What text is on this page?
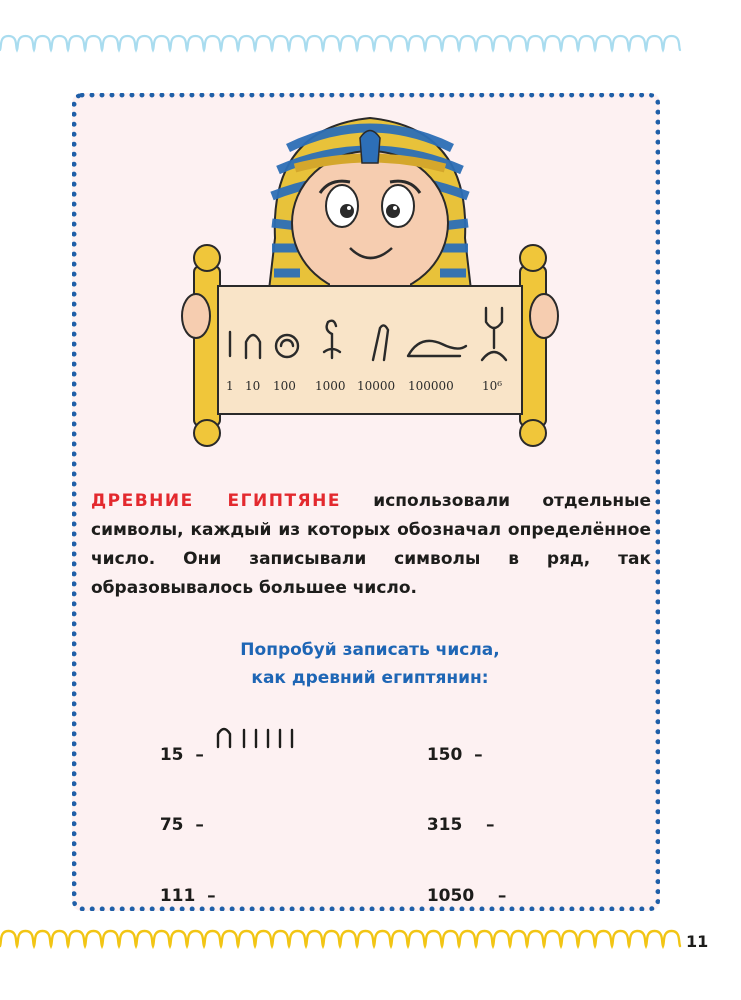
1 10 100 1000 10000 100000 10⁶

ДРЕВНИЕ ЕГИПТЯНЕ использовали отдельные символы, каждый из которых обозначал определённое число. Они записывали символы в ряд, так образовывалось большее число.

Попробуй записать числа,
как древний египтянин:

15  –	150  –

75  –	315    –

111  –	1050    –

11
